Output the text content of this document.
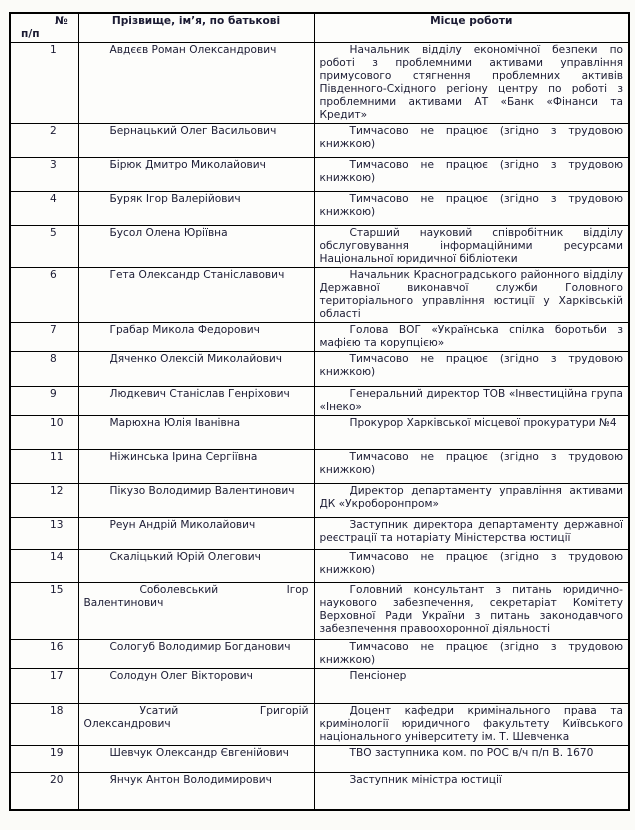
№ п/п	Прізвище, ім’я, по батькові	Місце роботи
1	Авдєєв Роман Олександрович	Начальник відділу економічної безпеки по роботі з проблемними активами управління примусового стягнення проблемних активів Південного-Східного регіону центру по роботі з проблемними активами АТ «Банк «Фінанси та Кредит»
2	Бернацький Олег Васильович	Тимчасово не працює (згідно з трудовою книжкою)
3	Бірюк Дмитро Миколайович	Тимчасово не працює (згідно з трудовою книжкою)
4	Буряк Ігор Валерійович	Тимчасово не працює (згідно з трудовою книжкою)
5	Бусол Олена Юріївна	Старший науковий співробітник відділу обслуговування інформаційними ресурсами Національної юридичної бібліотеки
6	Гета Олександр Станіславович	Начальник Красноградського районного відділу Державної виконавчої служби Головного територіального управління юстиції у Харківській області
7	Грабар Микола Федорович	Голова ВОГ «Українська спілка боротьби з мафією та корупцією»
8	Дяченко Олексій Миколайович	Тимчасово не працює (згідно з трудовою книжкою)
9	Людкевич Станіслав Генріхович	Генеральний директор ТОВ «Інвестиційна група «Інеко»
10	Марюхна Юлія Іванівна	Прокурор Харківської місцевої прокуратури №4
11	Ніжинська Ірина Сергіївна	Тимчасово не працює (згідно з трудовою книжкою)
12	Пікузо Володимир Валентинович	Директор департаменту управління активами ДК «Укроборонпром»
13	Реун Андрій Миколайович	Заступник директора департаменту державної реєстрації та нотаріату Міністерства юстиції
14	Скаліцький Юрій Олегович	Тимчасово не працює (згідно з трудовою книжкою)
15	Соболевський Ігор Валентинович	Головний консультант з питань юридично-наукового забезпечення, секретаріат Комітету Верховної Ради України з питань законодавчого забезпечення правоохоронної діяльності
16	Сологуб Володимир Богданович	Тимчасово не працює (згідно з трудовою книжкою)
17	Солодун Олег Вікторович	Пенсіонер
18	Усатий Григорій Олександрович	Доцент кафедри кримінального права та кримінології юридичного факультету Київського національного університету ім. Т. Шевченка
19	Шевчук Олександр Євгенійович	ТВО заступника ком. по РОС в/ч п/п В. 1670
20	Янчук Антон Володимирович	Заступник міністра юстиції
